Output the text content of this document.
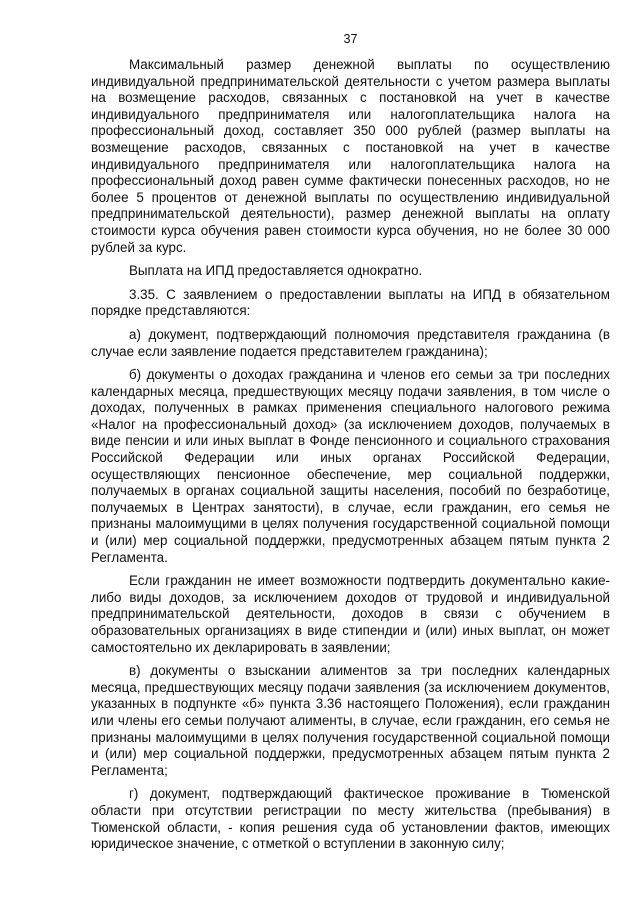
37

Максимальный размер денежной выплаты по осуществлению индивидуальной предпринимательской деятельности с учетом размера выплаты на возмещение расходов, связанных с постановкой на учет в качестве индивидуального предпринимателя или налогоплательщика налога на профессиональный доход, составляет 350 000 рублей (размер выплаты на возмещение расходов, связанных с постановкой на учет в качестве индивидуального предпринимателя или налогоплательщика налога на профессиональный доход равен сумме фактически понесенных расходов, но не более 5 процентов от денежной выплаты по осуществлению индивидуальной предпринимательской деятельности), размер денежной выплаты на оплату стоимости курса обучения равен стоимости курса обучения, но не более 30 000 рублей за курс.

Выплата на ИПД предоставляется однократно.

3.35. С заявлением о предоставлении выплаты на ИПД в обязательном порядке представляются:

а) документ, подтверждающий полномочия представителя гражданина (в случае если заявление подается представителем гражданина);

б) документы о доходах гражданина и членов его семьи за три последних календарных месяца, предшествующих месяцу подачи заявления, в том числе о доходах, полученных в рамках применения специального налогового режима «Налог на профессиональный доход» (за исключением доходов, получаемых в виде пенсии и или иных выплат в Фонде пенсионного и социального страхования Российской Федерации или иных органах Российской Федерации, осуществляющих пенсионное обеспечение, мер социальной поддержки, получаемых в органах социальной защиты населения, пособий по безработице, получаемых в Центрах занятости), в случае, если гражданин, его семья не признаны малоимущими в целях получения государственной социальной помощи и (или) мер социальной поддержки, предусмотренных абзацем пятым пункта 2 Регламента.

Если гражданин не имеет возможности подтвердить документально какие-либо виды доходов, за исключением доходов от трудовой и индивидуальной предпринимательской деятельности, доходов в связи с обучением в образовательных организациях в виде стипендии и (или) иных выплат, он может самостоятельно их декларировать в заявлении;

в) документы о взыскании алиментов за три последних календарных месяца, предшествующих месяцу подачи заявления (за исключением документов, указанных в подпункте «б» пункта 3.36 настоящего Положения), если гражданин или члены его семьи получают алименты, в случае, если гражданин, его семья не признаны малоимущими в целях получения государственной социальной помощи и (или) мер социальной поддержки, предусмотренных абзацем пятым пункта 2 Регламента;

г) документ, подтверждающий фактическое проживание в Тюменской области при отсутствии регистрации по месту жительства (пребывания) в Тюменской области, - копия решения суда об установлении фактов, имеющих юридическое значение, с отметкой о вступлении в законную силу;
